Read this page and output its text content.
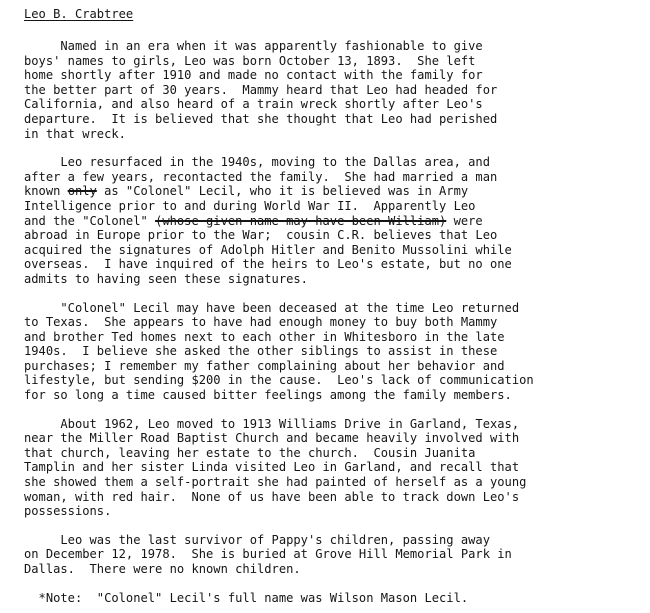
Leo B. Crabtree
Named in an era when it was apparently fashionable to give
boys' names to girls, Leo was born October 13, 1893.  She left
home shortly after 1910 and made no contact with the family for
the better part of 30 years.  Mammy heard that Leo had headed for
California, and also heard of a train wreck shortly after Leo's
departure.  It is believed that she thought that Leo had perished
in that wreck.
Leo resurfaced in the 1940s, moving to the Dallas area, and
after a few years, recontacted the family.  She had married a man
known only as "Colonel" Lecil, who it is believed was in Army
Intelligence prior to and during World War II.  Apparently Leo
and the "Colonel" (whose given name may have been William) were
abroad in Europe prior to the War;  cousin C.R. believes that Leo
acquired the signatures of Adolph Hitler and Benito Mussolini while
overseas.  I have inquired of the heirs to Leo's estate, but no one
admits to having seen these signatures.
"Colonel" Lecil may have been deceased at the time Leo returned
to Texas.  She appears to have had enough money to buy both Mammy
and brother Ted homes next to each other in Whitesboro in the late
1940s.  I believe she asked the other siblings to assist in these
purchases; I remember my father complaining about her behavior and
lifestyle, but sending $200 in the cause.  Leo's lack of communication
for so long a time caused bitter feelings among the family members.
About 1962, Leo moved to 1913 Williams Drive in Garland, Texas,
near the Miller Road Baptist Church and became heavily involved with
that church, leaving her estate to the church.  Cousin Juanita
Tamplin and her sister Linda visited Leo in Garland, and recall that
she showed them a self-portrait she had painted of herself as a young
woman, with red hair.  None of us have been able to track down Leo's
possessions.
Leo was the last survivor of Pappy's children, passing away
on December 12, 1978.  She is buried at Grove Hill Memorial Park in
Dallas.  There were no known children.
*Note:  "Colonel" Lecil's full name was Wilson Mason Lecil.
